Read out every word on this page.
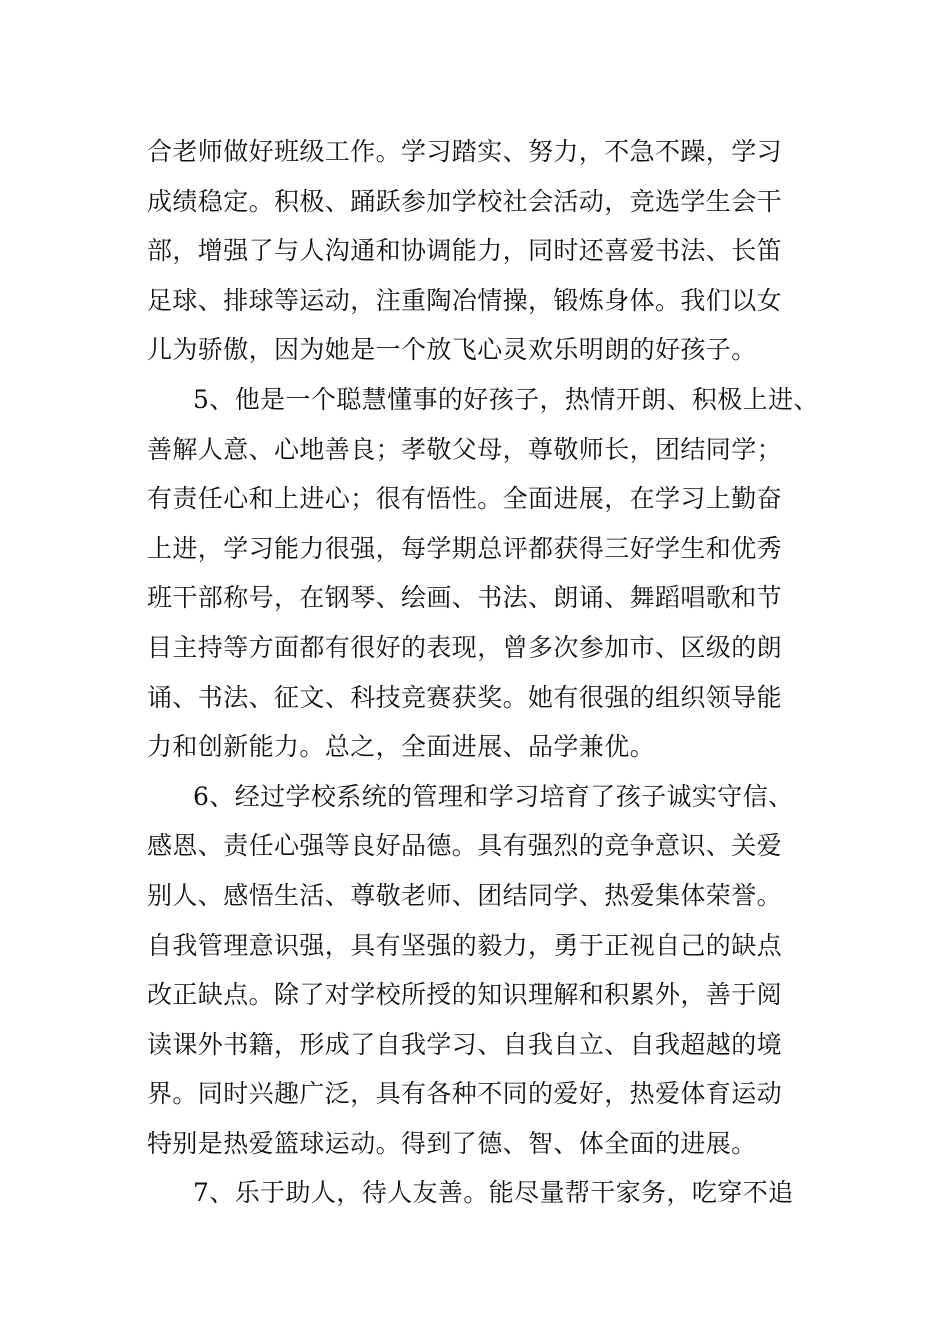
合老师做好班级工作。学习踏实、努力，不急不躁，学习
成绩稳定。积极、踊跃参加学校社会活动，竞选学生会干
部，增强了与人沟通和协调能力，同时还喜爱书法、长笛
足球、排球等运动，注重陶冶情操，锻炼身体。我们以女
儿为骄傲，因为她是一个放飞心灵欢乐明朗的好孩子。
5、他是一个聪慧懂事的好孩子，热情开朗、积极上进、
善解人意、心地善良；孝敬父母，尊敬师长，团结同学；
有责任心和上进心；很有悟性。全面进展，在学习上勤奋
上进，学习能力很强，每学期总评都获得三好学生和优秀
班干部称号，在钢琴、绘画、书法、朗诵、舞蹈唱歌和节
目主持等方面都有很好的表现，曾多次参加市、区级的朗
诵、书法、征文、科技竞赛获奖。她有很强的组织领导能
力和创新能力。总之，全面进展、品学兼优。
6、经过学校系统的管理和学习培育了孩子诚实守信、
感恩、责任心强等良好品德。具有强烈的竞争意识、关爱
别人、感悟生活、尊敬老师、团结同学、热爱集体荣誉。
自我管理意识强，具有坚强的毅力，勇于正视自己的缺点
改正缺点。除了对学校所授的知识理解和积累外，善于阅
读课外书籍，形成了自我学习、自我自立、自我超越的境
界。同时兴趣广泛，具有各种不同的爱好，热爱体育运动
特别是热爱篮球运动。得到了德、智、体全面的进展。
7、乐于助人，待人友善。能尽量帮干家务，吃穿不追
